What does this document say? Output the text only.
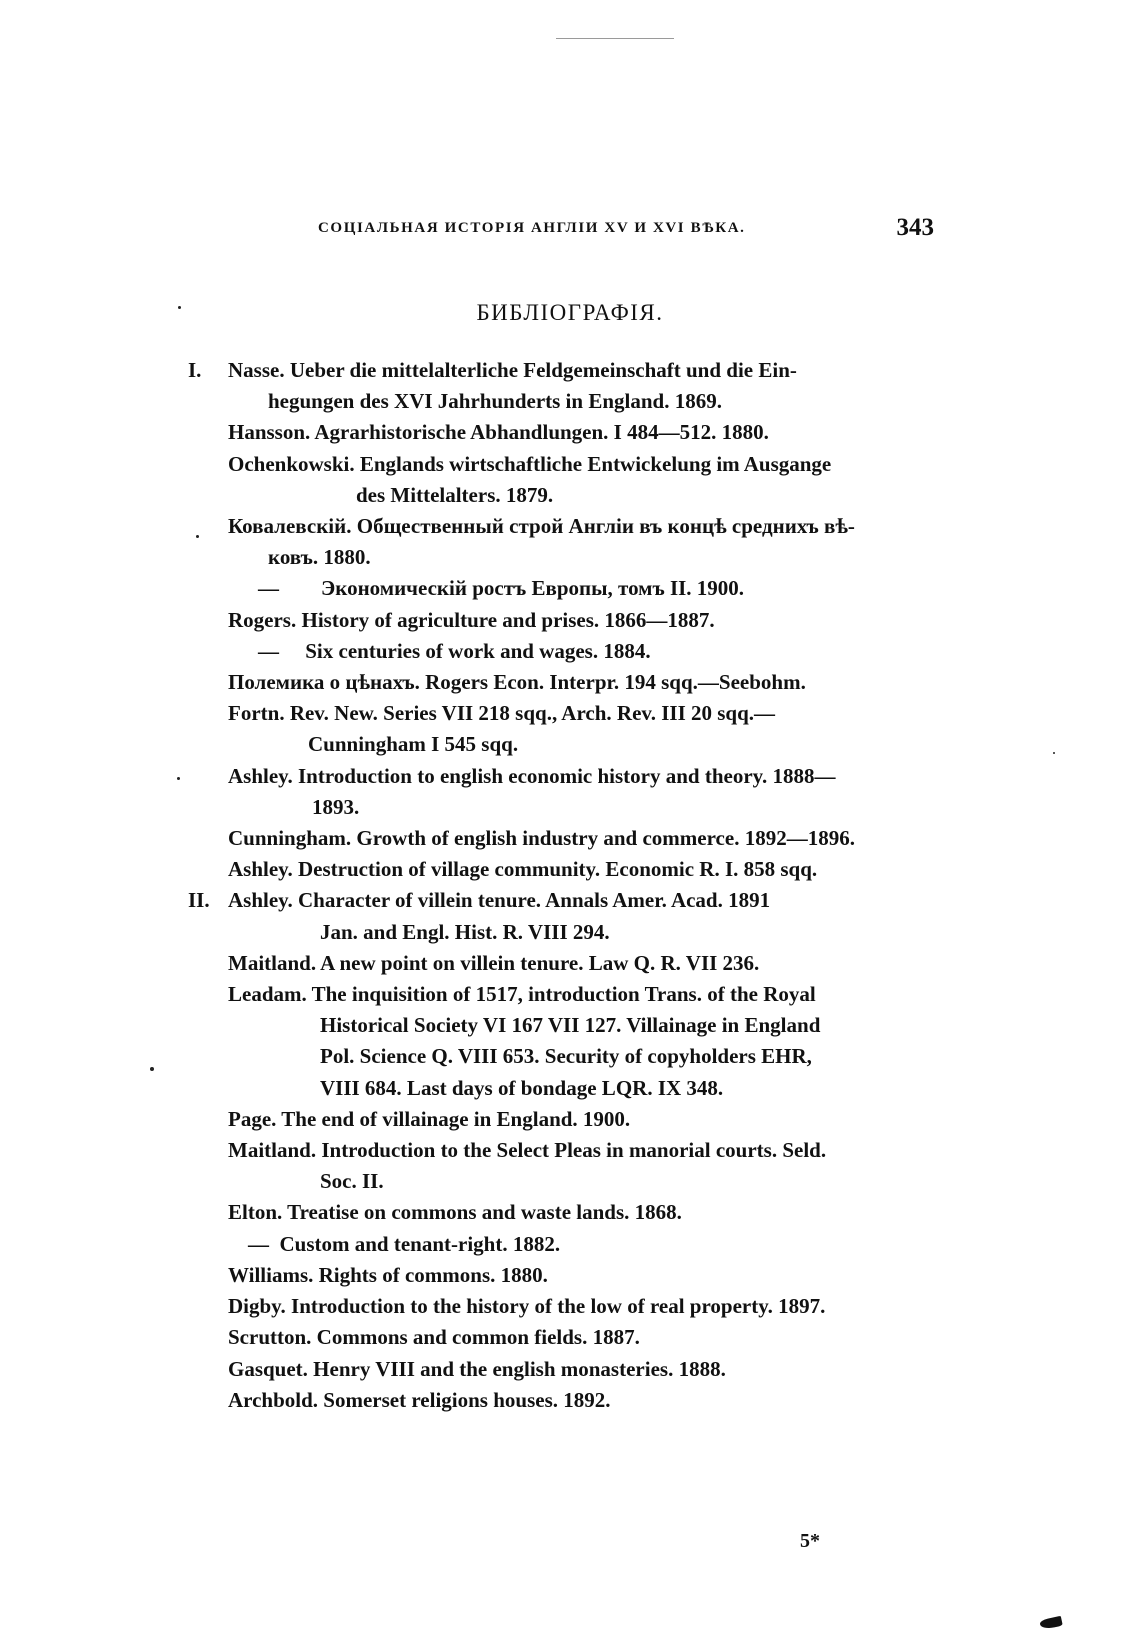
СОЦІАЛЬНАЯ ИСТОРІЯ АНГЛІИ XV И XVI ВѢКА.	343
БИБЛІОГРАФІЯ.
I. Nasse. Ueber die mittelalterliche Feldgemeinschaft und die Ein-
hegungen des XVI Jahrhunderts in England. 1869.
Hansson. Agrarhistorische Abhandlungen. I 484—512. 1880.
Ochenkowski. Englands wirtschaftliche Entwickelung im Ausgange
des Mittelalters. 1879.
Ковалевскій. Общественный строй Англіи въ концѣ среднихъ вѣ-
ковъ. 1880.
—        Экономическій ростъ Европы, томъ II. 1900.
Rogers. History of agriculture and prises. 1866—1887.
—     Six centuries of work and wages. 1884.
Полемика о цѣнахъ. Rogers Econ. Interpr. 194 sqq.—Seebohm.
Fortn. Rev. New. Series VII 218 sqq., Arch. Rev. III 20 sqq.—
Cunningham I 545 sqq.
Ashley. Introduction to english economic history and theory. 1888—
1893.
Cunningham. Growth of english industry and commerce. 1892—1896.
Ashley. Destruction of village community. Economic R. I. 858 sqq.
II. Ashley. Character of villein tenure. Annals Amer. Acad. 1891
Jan. and Engl. Hist. R. VIII 294.
Maitland. A new point on villein tenure. Law Q. R. VII 236.
Leadam. The inquisition of 1517, introduction Trans. of the Royal
Historical Society VI 167 VII 127. Villainage in England
Pol. Science Q. VIII 653. Security of copyholders EHR,
VIII 684. Last days of bondage LQR. IX 348.
Page. The end of villainage in England. 1900.
Maitland. Introduction to the Select Pleas in manorial courts. Seld.
Soc. II.
Elton. Treatise on commons and waste lands. 1868.
—  Custom and tenant-right. 1882.
Williams. Rights of commons. 1880.
Digby. Introduction to the history of the low of real property. 1897.
Scrutton. Commons and common fields. 1887.
Gasquet. Henry VIII and the english monasteries. 1888.
Archbold. Somerset religions houses. 1892.
5*
